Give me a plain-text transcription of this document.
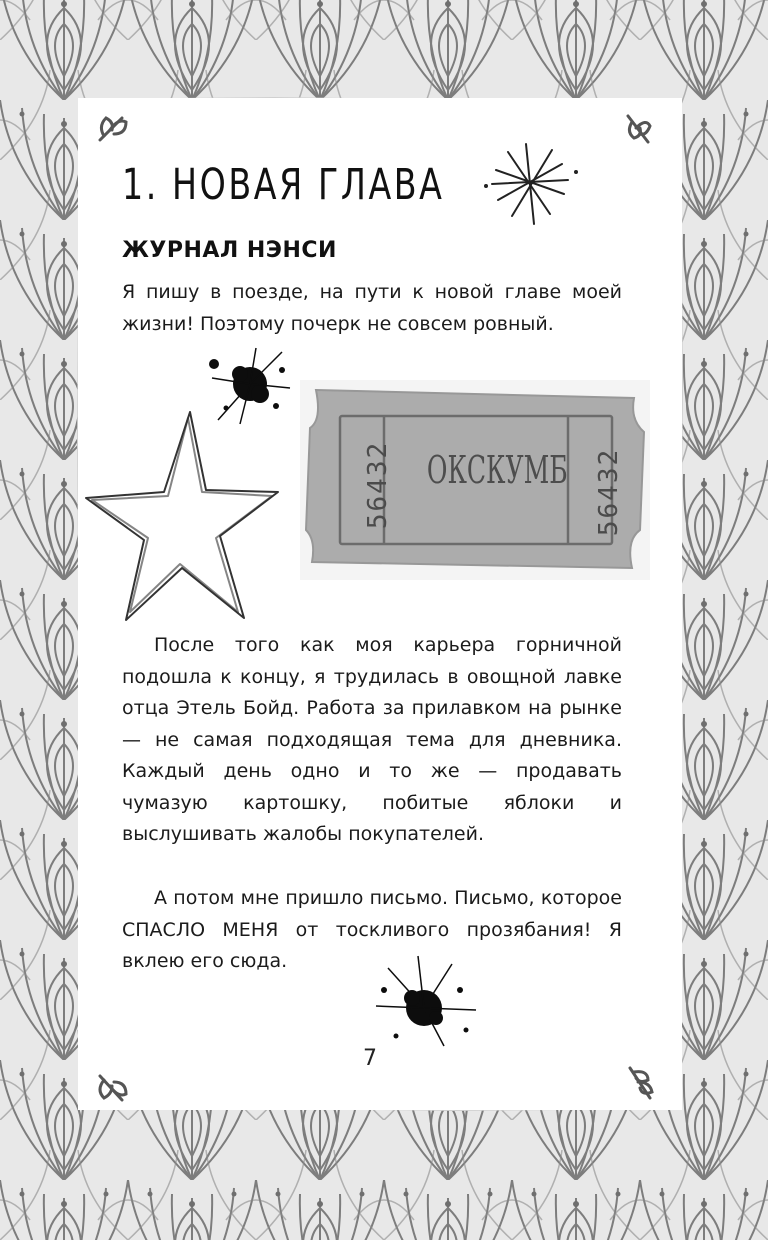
1. НОВАЯ ГЛАВА
ЖУРНАЛ НЭНСИ
Я пишу в поезде, на пути к новой главе моей жизни! Поэтому почерк не совсем ровный.
56432	56432
ОКСКУМБ
После того как моя карьера горничной подошла к концу, я трудилась в овощной лавке отца Этель Бойд. Работа за прилавком на рынке — не самая подходящая тема для дневника. Каждый день одно и то же — продавать чумазую картошку, побитые яблоки и выслушивать жалобы покупателей.
А потом мне пришло письмо. Письмо, которое СПАСЛО МЕНЯ от тоскливого прозябания! Я вклею его сюда.
7
